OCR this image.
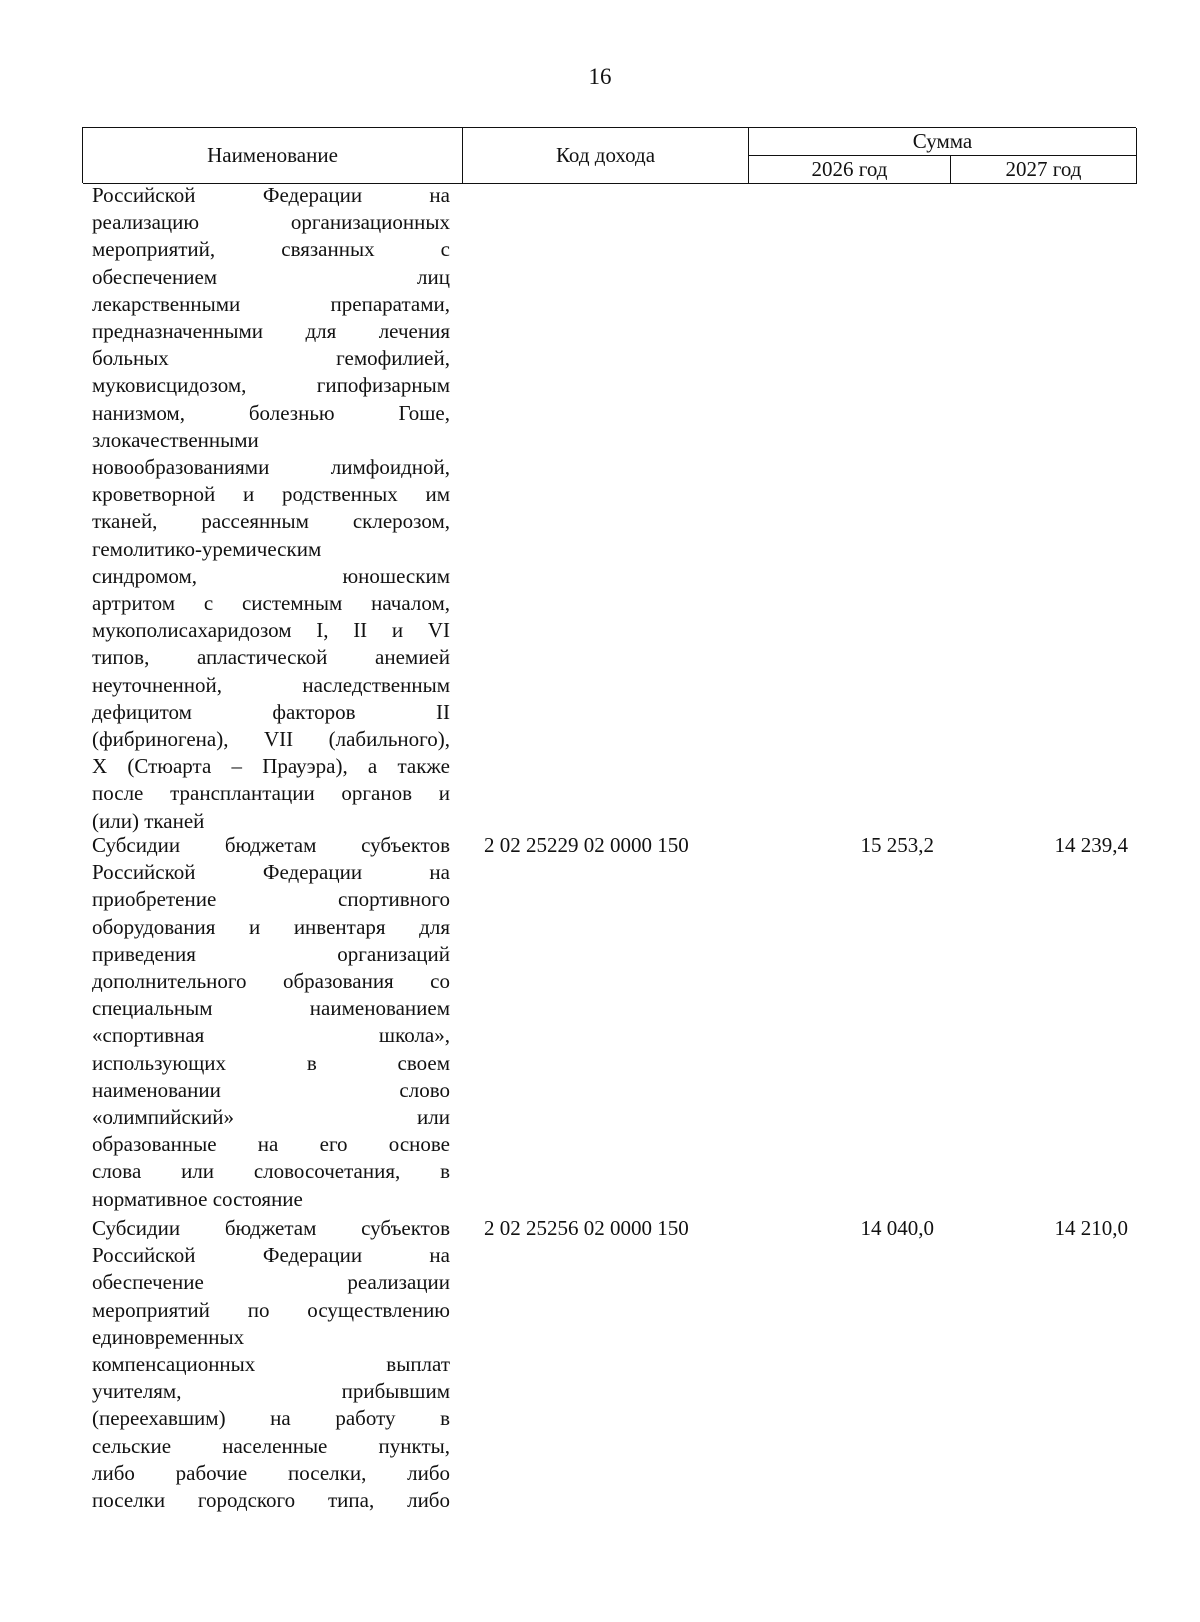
16
Наименование	Код дохода
Сумма
2026 год	2027 год
Российской Федерации на
реализацию организационных
мероприятий, связанных с
обеспечением лиц
лекарственными препаратами,
предназначенными для лечения
больных гемофилией,
муковисцидозом, гипофизарным
нанизмом, болезнью Гоше,
злокачественными
новообразованиями лимфоидной,
кроветворной и родственных им
тканей, рассеянным склерозом,
гемолитико-уремическим
синдромом, юношеским
артритом с системным началом,
мукополисахаридозом I, II и VI
типов, апластической анемией
неуточненной, наследственным
дефицитом факторов II
(фибриногена), VII (лабильного),
X (Стюарта – Прауэра), а также
после трансплантации органов и
(или) тканей
Субсидии бюджетам субъектов
Российской Федерации на
приобретение спортивного
оборудования и инвентаря для
приведения организаций
дополнительного образования со
специальным наименованием
«спортивная школа»,
использующих в своем
наименовании слово
«олимпийский» или
образованные на его основе
слова или словосочетания, в
нормативное состояние
2 02 25229 02 0000 150	15 253,2	14 239,4
Субсидии бюджетам субъектов
Российской Федерации на
обеспечение реализации
мероприятий по осуществлению
единовременных
компенсационных выплат
учителям, прибывшим
(переехавшим) на работу в
сельские населенные пункты,
либо рабочие поселки, либо
поселки городского типа, либо
2 02 25256 02 0000 150	14 040,0	14 210,0
